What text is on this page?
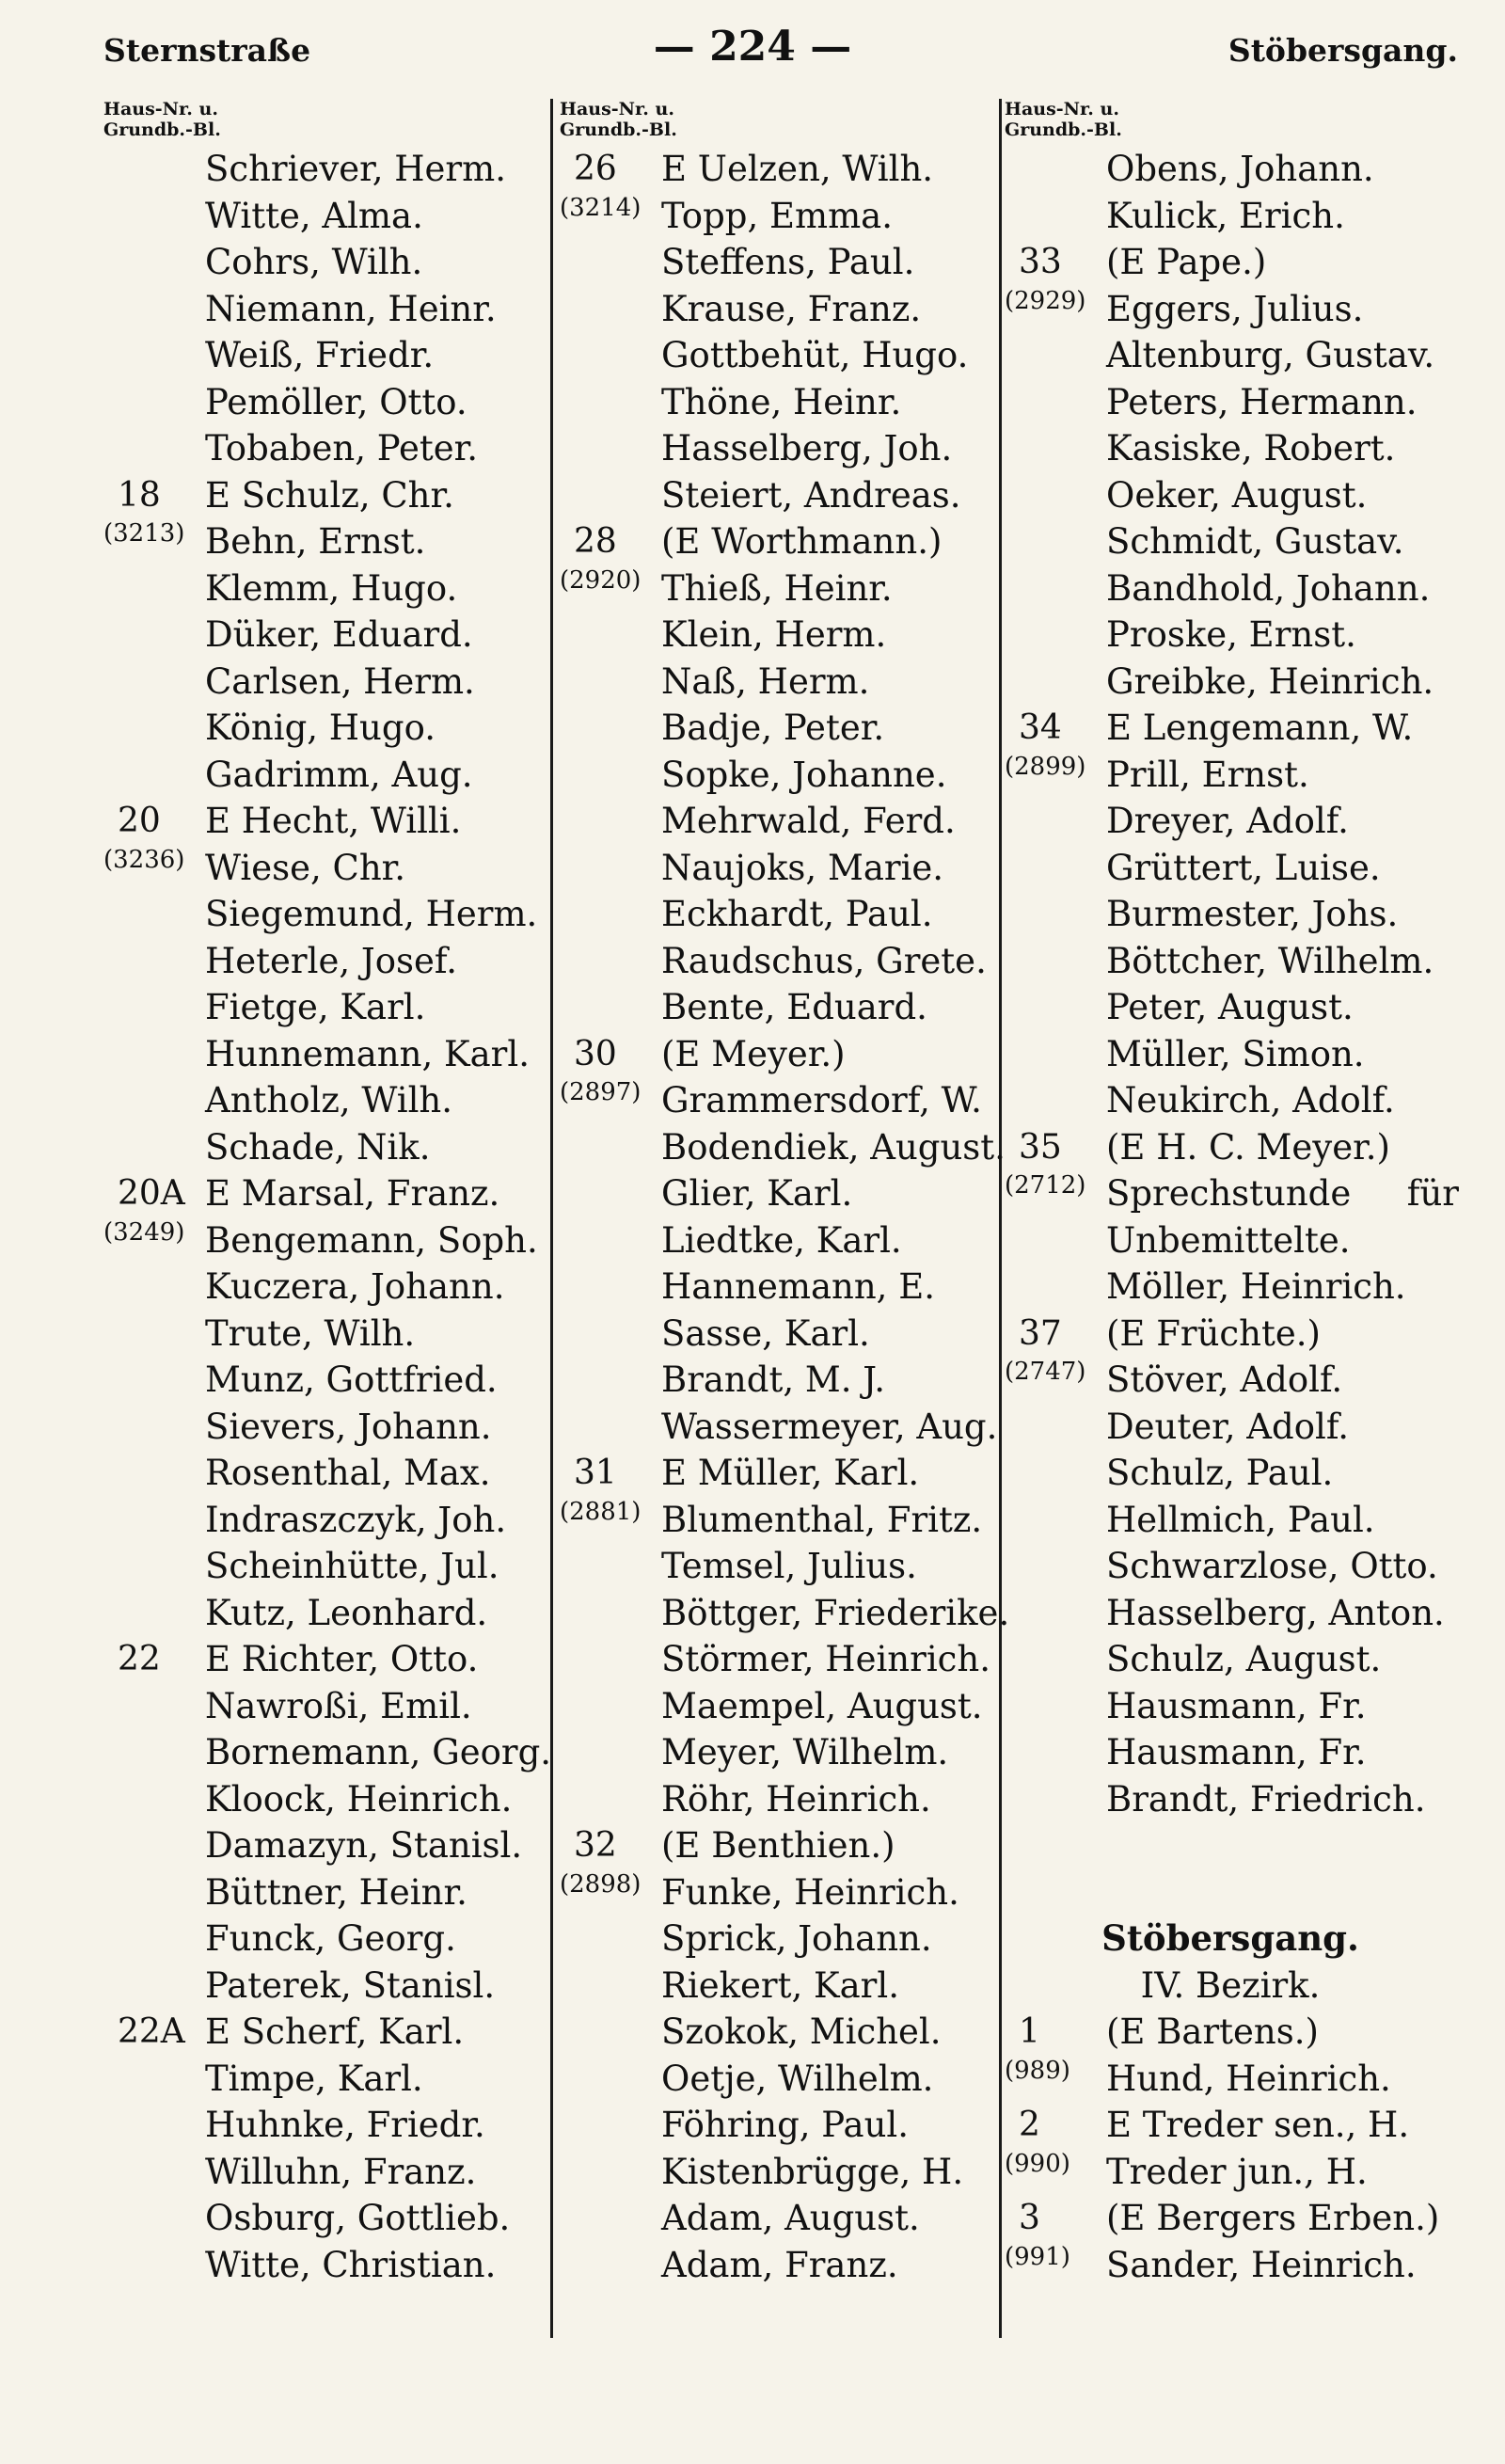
Sternstraße	— 224 —	Stöbersgang.
Haus-Nr. u.
Grundb.-Bl.
Schriever, Herm.
Witte, Alma.
Cohrs, Wilh.
Niemann, Heinr.
Weiß, Friedr.
Pemöller, Otto.
Tobaben, Peter.
18 E Schulz, Chr.
(3213) Behn, Ernst.
Klemm, Hugo.
Düker, Eduard.
Carlsen, Herm.
König, Hugo.
Gadrimm, Aug.
20 E Hecht, Willi.
(3236) Wiese, Chr.
Siegemund, Herm.
Heterle, Josef.
Fietge, Karl.
Hunnemann, Karl.
Antholz, Wilh.
Schade, Nik.
20A E Marsal, Franz.
(3249) Bengemann, Soph.
Kuczera, Johann.
Trute, Wilh.
Munz, Gottfried.
Sievers, Johann.
Rosenthal, Max.
Indraszczyk, Joh.
Scheinhütte, Jul.
Kutz, Leonhard.
22 E Richter, Otto.
Nawroßi, Emil.
Bornemann, Georg.
Kloock, Heinrich.
Damazyn, Stanisl.
Büttner, Heinr.
Funck, Georg.
Paterek, Stanisl.
22A E Scherf, Karl.
Timpe, Karl.
Huhnke, Friedr.
Willuhn, Franz.
Osburg, Gottlieb.
Witte, Christian.
Haus-Nr. u.
Grundb.-Bl.
26 E Uelzen, Wilh.
(3214) Topp, Emma.
Steffens, Paul.
Krause, Franz.
Gottbehüt, Hugo.
Thöne, Heinr.
Hasselberg, Joh.
Steiert, Andreas.
28 (E Worthmann.)
(2920) Thieß, Heinr.
Klein, Herm.
Naß, Herm.
Badje, Peter.
Sopke, Johanne.
Mehrwald, Ferd.
Naujoks, Marie.
Eckhardt, Paul.
Raudschus, Grete.
Bente, Eduard.
30 (E Meyer.)
(2897) Grammersdorf, W.
Bodendiek, August.
Glier, Karl.
Liedtke, Karl.
Hannemann, E.
Sasse, Karl.
Brandt, M. J.
Wassermeyer, Aug.
31 E Müller, Karl.
(2881) Blumenthal, Fritz.
Temsel, Julius.
Böttger, Friederike.
Störmer, Heinrich.
Maempel, August.
Meyer, Wilhelm.
Röhr, Heinrich.
32 (E Benthien.)
(2898) Funke, Heinrich.
Sprick, Johann.
Riekert, Karl.
Szokok, Michel.
Oetje, Wilhelm.
Föhring, Paul.
Kistenbrügge, H.
Adam, August.
Adam, Franz.
Haus-Nr. u.
Grundb.-Bl.
Obens, Johann.
Kulick, Erich.
33 (E Pape.)
(2929) Eggers, Julius.
Altenburg, Gustav.
Peters, Hermann.
Kasiske, Robert.
Oeker, August.
Schmidt, Gustav.
Bandhold, Johann.
Proske, Ernst.
Greibke, Heinrich.
34 E Lengemann, W.
(2899) Prill, Ernst.
Dreyer, Adolf.
Grüttert, Luise.
Burmester, Johs.
Böttcher, Wilhelm.
Peter, August.
Müller, Simon.
Neukirch, Adolf.
35 (E H. C. Meyer.)
(2712) Sprechstunde für
Unbemittelte.
Möller, Heinrich.
37 (E Früchte.)
(2747) Stöver, Adolf.
Deuter, Adolf.
Schulz, Paul.
Hellmich, Paul.
Schwarzlose, Otto.
Hasselberg, Anton.
Schulz, August.
Hausmann, Fr.
Hausmann, Fr.
Brandt, Friedrich.
Stöbersgang.
IV. Bezirk.
1 (E Bartens.)
(989) Hund, Heinrich.
2 E Treder sen., H.
(990) Treder jun., H.
3 (E Bergers Erben.)
(991) Sander, Heinrich.
